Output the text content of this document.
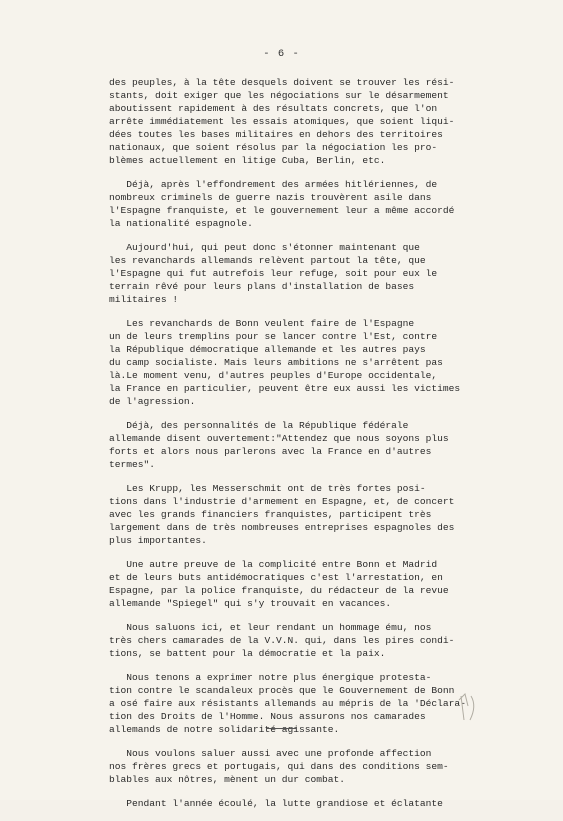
- 6 -
des peuples, à la tête desquels doivent se trouver les rési-
stants, doit exiger que les négociations sur le désarmement
aboutissent rapidement à des résultats concrets, que l'on
arrête immédiatement les essais atomiques, que soient liqui-
dées toutes les bases militaires en dehors des territoires
nationaux, que soient résolus par la négociation les pro-
blèmes actuellement en litige Cuba, Berlin, etc.
Déjà, après l'effondrement des armées hitlériennes, de
nombreux criminels de guerre nazis trouvèrent asile dans
l'Espagne franquiste, et le gouvernement leur a même accordé
la nationalité espagnole.
Aujourd'hui, qui peut donc s'étonner maintenant que
les revanchards allemands relèvent partout la tête, que
l'Espagne qui fut autrefois leur refuge, soit pour eux le
terrain rêvé pour leurs plans d'installation de bases
militaires !
Les revanchards de Bonn veulent faire de l'Espagne
un de leurs tremplins pour se lancer contre l'Est, contre
la République démocratique allemande et les autres pays
du camp socialiste. Mais leurs ambitions ne s'arrêtent pas
là.Le moment venu, d'autres peuples d'Europe occidentale,
la France en particulier, peuvent être eux aussi les victimes
de l'agression.
Déjà, des personnalités de la République fédérale
allemande disent ouvertement:"Attendez que nous soyons plus
forts et alors nous parlerons avec la France en d'autres
termes".
Les Krupp, les Messerschmit ont de très fortes posi-
tions dans l'industrie d'armement en Espagne, et, de concert
avec les grands financiers franquistes, participent très
largement dans de très nombreuses entreprises espagnoles des
plus importantes.
Une autre preuve de la complicité entre Bonn et Madrid
et de leurs buts antidémocratiques c'est l'arrestation, en
Espagne, par la police franquiste, du rédacteur de la revue
allemande "Spiegel" qui s'y trouvait en vacances.
Nous saluons ici, et leur rendant un hommage ému, nos
très chers camarades de la V.V.N. qui, dans les pires condi-
tions, se battent pour la démocratie et la paix.
Nous tenons a exprimer notre plus énergique protesta-
tion contre le scandaleux procès que le Gouvernement de Bonn
a osé faire aux résistants allemands au mépris de la 'Déclara-
tion des Droits de l'Homme. Nous assurons nos camarades
allemands de notre solidarité agissante.
Nous voulons saluer aussi avec une profonde affection
nos frères grecs et portugais, qui dans des conditions sem-
blables aux nôtres, mènent un dur combat.
Pendant l'année écoulé, la lutte grandiose et éclatante
